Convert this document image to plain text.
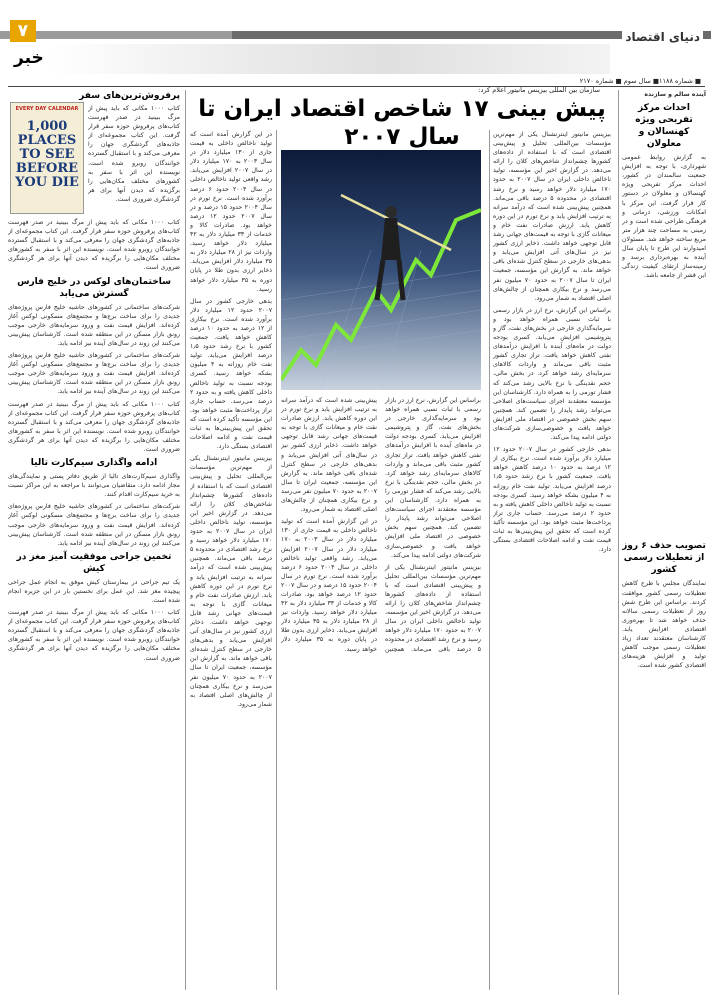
۷	دنیای اقتصاد
خبر
■ شماره ۱۱۸۸■ سال سوم ■ شماره ۲۱۷۰

آینده سالم و سازنده

احداث مرکز تفریحی ویژه کهنسالان و معلولان

به گزارش روابط عمومی شهرداری، با توجه به افزایش جمعیت سالمندان در کشور، احداث مرکز تفریحی ویژه کهنسالان و معلولان در دستور کار قرار گرفت. این مرکز با امکانات ورزشی، درمانی و فرهنگی طراحی شده است و در زمینی به مساحت چند هزار متر مربع ساخته خواهد شد. مسئولان امیدوارند این طرح تا پایان سال آینده به بهره‌برداری برسد و زمینه‌ساز ارتقای کیفیت زندگی این قشر از جامعه باشد.

تصویب حذف ۶ روز از تعطیلات رسمی کشور

نمایندگان مجلس با طرح کاهش تعطیلات رسمی کشور موافقت کردند. براساس این طرح شش روز از تعطیلات رسمی سالانه حذف خواهد شد تا بهره‌وری اقتصادی افزایش یابد. کارشناسان معتقدند تعداد زیاد تعطیلات رسمی موجب کاهش تولید و افزایش هزینه‌های اقتصادی کشور شده است.

سازمان بین المللی بیزینس مانیتور اعلام کرد:
پیش بینی ۱۷ شاخص اقتصاد ایران تا سال ۲۰۰۷	بیزینس مانیتور اینترنشنال یکی از مهم‌ترین مؤسسات بین‌المللی تحلیل و پیش‌بینی اقتصادی است که با استفاده از داده‌های کشورها چشم‌انداز شاخص‌های کلان را ارائه می‌دهد. در گزارش اخیر این مؤسسه، تولید ناخالص داخلی ایران در سال ۲۰۰۷ به حدود ۱۷۰ میلیارد دلار خواهد رسید و نرخ رشد اقتصادی در محدوده ۵ درصد باقی می‌ماند. همچنین پیش‌بینی شده است که درآمد سرانه به ترتیب افزایش یابد و نرخ تورم در این دوره کاهش یابد. ارزش صادرات نفت خام و میعانات گازی با توجه به قیمت‌های جهانی رشد قابل توجهی خواهد داشت. ذخایر ارزی کشور نیز در سال‌های آتی افزایش می‌یابد و بدهی‌های خارجی در سطح کنترل شده‌ای باقی خواهد ماند. به گزارش این مؤسسه، جمعیت ایران تا سال ۲۰۰۷ به حدود ۷۰ میلیون نفر می‌رسد و نرخ بیکاری همچنان از چالش‌های اصلی اقتصاد به شمار می‌رود.

براساس این گزارش، نرخ ارز در بازار رسمی با ثبات نسبی همراه خواهد بود و سرمایه‌گذاری خارجی در بخش‌های نفت، گاز و پتروشیمی افزایش می‌یابد. کسری بودجه دولت در ماه‌های آینده با افزایش درآمدهای نفتی کاهش خواهد یافت. تراز تجاری کشور مثبت باقی می‌ماند و واردات کالاهای سرمایه‌ای رشد خواهد کرد. در بخش مالی، حجم نقدینگی با نرخ بالایی رشد می‌کند که فشار تورمی را به همراه دارد. کارشناسان این مؤسسه معتقدند اجرای سیاست‌های اصلاحی می‌تواند رشد پایدار را تضمین کند. همچنین سهم بخش خصوصی در اقتصاد ملی افزایش خواهد یافت و خصوصی‌سازی شرکت‌های دولتی ادامه پیدا می‌کند.

بدهی خارجی کشور در سال ۲۰۰۷ حدود ۱۲ میلیارد دلار برآورد شده است. نرخ بیکاری از ۱۲ درصد به حدود ۱۰ درصد کاهش خواهد یافت. جمعیت کشور با نرخ رشد حدود ۱٫۵ درصد افزایش می‌یابد. تولید نفت خام روزانه به ۴ میلیون بشکه خواهد رسید. کسری بودجه نسبت به تولید ناخالص داخلی کاهش یافته و به حدود ۲ درصد می‌رسد. حساب جاری تراز پرداخت‌ها مثبت خواهد بود. این مؤسسه تأکید کرده است که تحقق این پیش‌بینی‌ها به ثبات قیمت نفت و ادامه اصلاحات اقتصادی بستگی دارد.

براساس این گزارش، نرخ ارز در بازار رسمی با ثبات نسبی همراه خواهد بود و سرمایه‌گذاری خارجی در بخش‌های نفت، گاز و پتروشیمی افزایش می‌یابد. کسری بودجه دولت در ماه‌های آینده با افزایش درآمدهای نفتی کاهش خواهد یافت. تراز تجاری کشور مثبت باقی می‌ماند و واردات کالاهای سرمایه‌ای رشد خواهد کرد. در بخش مالی، حجم نقدینگی با نرخ بالایی رشد می‌کند که فشار تورمی را به همراه دارد. کارشناسان این مؤسسه معتقدند اجرای سیاست‌های اصلاحی می‌تواند رشد پایدار را تضمین کند. همچنین سهم بخش خصوصی در اقتصاد ملی افزایش خواهد یافت و خصوصی‌سازی شرکت‌های دولتی ادامه پیدا می‌کند.

بیزینس مانیتور اینترنشنال یکی از مهم‌ترین مؤسسات بین‌المللی تحلیل و پیش‌بینی اقتصادی است که با استفاده از داده‌های کشورها چشم‌انداز شاخص‌های کلان را ارائه می‌دهد. در گزارش اخیر این مؤسسه، تولید ناخالص داخلی ایران در سال ۲۰۰۷ به حدود ۱۷۰ میلیارد دلار خواهد رسید و نرخ رشد اقتصادی در محدوده ۵ درصد باقی می‌ماند. همچنین پیش‌بینی شده است که درآمد سرانه به ترتیب افزایش یابد و نرخ تورم در این دوره کاهش یابد. ارزش صادرات نفت خام و میعانات گازی با توجه به قیمت‌های جهانی رشد قابل توجهی خواهد داشت. ذخایر ارزی کشور نیز در سال‌های آتی افزایش می‌یابد و بدهی‌های خارجی در سطح کنترل شده‌ای باقی خواهد ماند. به گزارش این مؤسسه، جمعیت ایران تا سال ۲۰۰۷ به حدود ۷۰ میلیون نفر می‌رسد و نرخ بیکاری همچنان از چالش‌های اصلی اقتصاد به شمار می‌رود.

در این گزارش آمده است که تولید ناخالص داخلی به قیمت جاری از ۱۳۰ میلیارد دلار در سال ۲۰۰۳ به ۱۷۰ میلیارد دلار در سال ۲۰۰۷ افزایش می‌یابد. رشد واقعی تولید ناخالص داخلی در سال ۲۰۰۴ حدود ۶ درصد برآورد شده است. نرخ تورم در سال ۲۰۰۴ حدود ۱۵ درصد و در سال ۲۰۰۷ حدود ۱۲ درصد خواهد بود. صادرات کالا و خدمات از ۳۳ میلیارد دلار به ۴۲ میلیارد دلار خواهد رسید. واردات نیز از ۲۸ میلیارد دلار به ۳۵ میلیارد دلار افزایش می‌یابد. ذخایر ارزی بدون طلا در پایان دوره به ۳۵ میلیارد دلار خواهد رسید.

در این گزارش آمده است که تولید ناخالص داخلی به قیمت جاری از ۱۳۰ میلیارد دلار در سال ۲۰۰۳ به ۱۷۰ میلیارد دلار در سال ۲۰۰۷ افزایش می‌یابد. رشد واقعی تولید ناخالص داخلی در سال ۲۰۰۴ حدود ۶ درصد برآورد شده است. نرخ تورم در سال ۲۰۰۴ حدود ۱۵ درصد و در سال ۲۰۰۷ حدود ۱۲ درصد خواهد بود. صادرات کالا و خدمات از ۳۳ میلیارد دلار به ۴۲ میلیارد دلار خواهد رسید. واردات نیز از ۲۸ میلیارد دلار به ۳۵ میلیارد دلار افزایش می‌یابد. ذخایر ارزی بدون طلا در پایان دوره به ۳۵ میلیارد دلار خواهد رسید.

بدهی خارجی کشور در سال ۲۰۰۷ حدود ۱۲ میلیارد دلار برآورد شده است. نرخ بیکاری از ۱۲ درصد به حدود ۱۰ درصد کاهش خواهد یافت. جمعیت کشور با نرخ رشد حدود ۱٫۵ درصد افزایش می‌یابد. تولید نفت خام روزانه به ۴ میلیون بشکه خواهد رسید. کسری بودجه نسبت به تولید ناخالص داخلی کاهش یافته و به حدود ۲ درصد می‌رسد. حساب جاری تراز پرداخت‌ها مثبت خواهد بود. این مؤسسه تأکید کرده است که تحقق این پیش‌بینی‌ها به ثبات قیمت نفت و ادامه اصلاحات اقتصادی بستگی دارد.

بیزینس مانیتور اینترنشنال یکی از مهم‌ترین مؤسسات بین‌المللی تحلیل و پیش‌بینی اقتصادی است که با استفاده از داده‌های کشورها چشم‌انداز شاخص‌های کلان را ارائه می‌دهد. در گزارش اخیر این مؤسسه، تولید ناخالص داخلی ایران در سال ۲۰۰۷ به حدود ۱۷۰ میلیارد دلار خواهد رسید و نرخ رشد اقتصادی در محدوده ۵ درصد باقی می‌ماند. همچنین پیش‌بینی شده است که درآمد سرانه به ترتیب افزایش یابد و نرخ تورم در این دوره کاهش یابد. ارزش صادرات نفت خام و میعانات گازی با توجه به قیمت‌های جهانی رشد قابل توجهی خواهد داشت. ذخایر ارزی کشور نیز در سال‌های آتی افزایش می‌یابد و بدهی‌های خارجی در سطح کنترل شده‌ای باقی خواهد ماند. به گزارش این مؤسسه، جمعیت ایران تا سال ۲۰۰۷ به حدود ۷۰ میلیون نفر می‌رسد و نرخ بیکاری همچنان از چالش‌های اصلی اقتصاد به شمار می‌رود.

پرفروش‌ترین‌های سفر
EVERY DAY CALENDAR
1,000
PLACES
TO SEE
BEFORE
YOU DIE

کتاب ۱۰۰۰ مکانی که باید پیش از مرگ ببینید در صدر فهرست کتاب‌های پرفروش حوزه سفر قرار گرفت. این کتاب مجموعه‌ای از جاذبه‌های گردشگری جهان را معرفی می‌کند و با استقبال گسترده خوانندگان روبرو شده است. نویسنده این اثر با سفر به کشورهای مختلف مکان‌هایی را برگزیده که دیدن آنها برای هر گردشگری ضروری است.

کتاب ۱۰۰۰ مکانی که باید پیش از مرگ ببینید در صدر فهرست کتاب‌های پرفروش حوزه سفر قرار گرفت. این کتاب مجموعه‌ای از جاذبه‌های گردشگری جهان را معرفی می‌کند و با استقبال گسترده خوانندگان روبرو شده است. نویسنده این اثر با سفر به کشورهای مختلف مکان‌هایی را برگزیده که دیدن آنها برای هر گردشگری ضروری است.

ساختمان‌های لوکس در خلیج فارس گسترش می‌یابد

شرکت‌های ساختمانی در کشورهای حاشیه خلیج فارس پروژه‌های جدیدی را برای ساخت برج‌ها و مجتمع‌های مسکونی لوکس آغاز کرده‌اند. افزایش قیمت نفت و ورود سرمایه‌های خارجی موجب رونق بازار مسکن در این منطقه شده است. کارشناسان پیش‌بینی می‌کنند این روند در سال‌های آینده نیز ادامه یابد.

شرکت‌های ساختمانی در کشورهای حاشیه خلیج فارس پروژه‌های جدیدی را برای ساخت برج‌ها و مجتمع‌های مسکونی لوکس آغاز کرده‌اند. افزایش قیمت نفت و ورود سرمایه‌های خارجی موجب رونق بازار مسکن در این منطقه شده است. کارشناسان پیش‌بینی می‌کنند این روند در سال‌های آینده نیز ادامه یابد.

کتاب ۱۰۰۰ مکانی که باید پیش از مرگ ببینید در صدر فهرست کتاب‌های پرفروش حوزه سفر قرار گرفت. این کتاب مجموعه‌ای از جاذبه‌های گردشگری جهان را معرفی می‌کند و با استقبال گسترده خوانندگان روبرو شده است. نویسنده این اثر با سفر به کشورهای مختلف مکان‌هایی را برگزیده که دیدن آنها برای هر گردشگری ضروری است.

ادامه واگذاری سیم‌کارت تالیا

واگذاری سیم‌کارت‌های تالیا از طریق دفاتر پستی و نمایندگی‌های مجاز ادامه دارد. متقاضیان می‌توانند با مراجعه به این مراکز نسبت به خرید سیم‌کارت اقدام کنند.

شرکت‌های ساختمانی در کشورهای حاشیه خلیج فارس پروژه‌های جدیدی را برای ساخت برج‌ها و مجتمع‌های مسکونی لوکس آغاز کرده‌اند. افزایش قیمت نفت و ورود سرمایه‌های خارجی موجب رونق بازار مسکن در این منطقه شده است. کارشناسان پیش‌بینی می‌کنند این روند در سال‌های آینده نیز ادامه یابد.

تخمین جراحی موفقیت آمیز مغز در کیش

یک تیم جراحی در بیمارستان کیش موفق به انجام عمل جراحی پیچیده مغز شد. این عمل برای نخستین بار در این جزیره انجام شده است.

کتاب ۱۰۰۰ مکانی که باید پیش از مرگ ببینید در صدر فهرست کتاب‌های پرفروش حوزه سفر قرار گرفت. این کتاب مجموعه‌ای از جاذبه‌های گردشگری جهان را معرفی می‌کند و با استقبال گسترده خوانندگان روبرو شده است. نویسنده این اثر با سفر به کشورهای مختلف مکان‌هایی را برگزیده که دیدن آنها برای هر گردشگری ضروری است.
